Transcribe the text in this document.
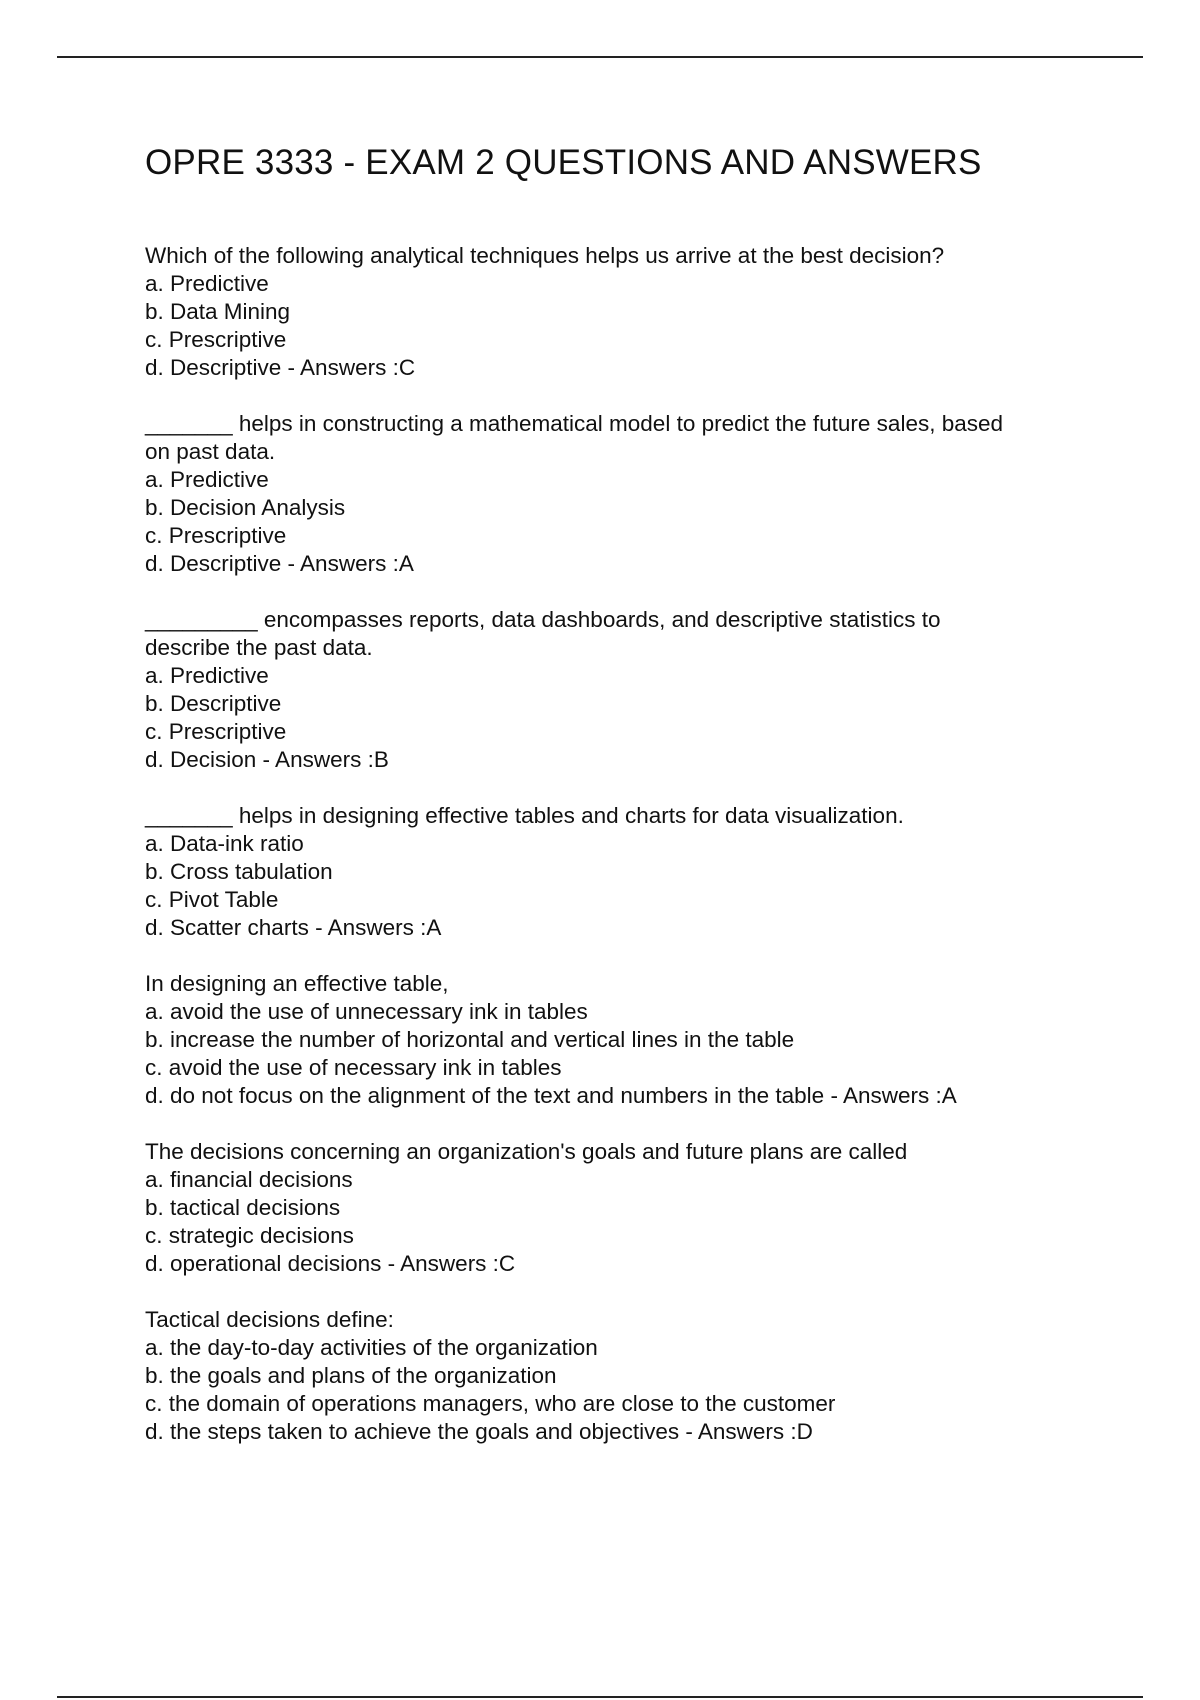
OPRE 3333 - EXAM 2 QUESTIONS AND ANSWERS

Which of the following analytical techniques helps us arrive at the best decision?

a. Predictive

b. Data Mining

c. Prescriptive

d. Descriptive - Answers :C

_______ helps in constructing a mathematical model to predict the future sales, based

on past data.

a. Predictive

b. Decision Analysis

c. Prescriptive

d. Descriptive - Answers :A

_________ encompasses reports, data dashboards, and descriptive statistics to

describe the past data.

a. Predictive

b. Descriptive

c. Prescriptive

d. Decision - Answers :B

_______ helps in designing effective tables and charts for data visualization.

a. Data-ink ratio

b. Cross tabulation

c. Pivot Table

d. Scatter charts - Answers :A

In designing an effective table,

a. avoid the use of unnecessary ink in tables

b. increase the number of horizontal and vertical lines in the table

c. avoid the use of necessary ink in tables

d. do not focus on the alignment of the text and numbers in the table - Answers :A

The decisions concerning an organization's goals and future plans are called

a. financial decisions

b. tactical decisions

c. strategic decisions

d. operational decisions - Answers :C

Tactical decisions define:

a. the day-to-day activities of the organization

b. the goals and plans of the organization

c. the domain of operations managers, who are close to the customer

d. the steps taken to achieve the goals and objectives - Answers :D
